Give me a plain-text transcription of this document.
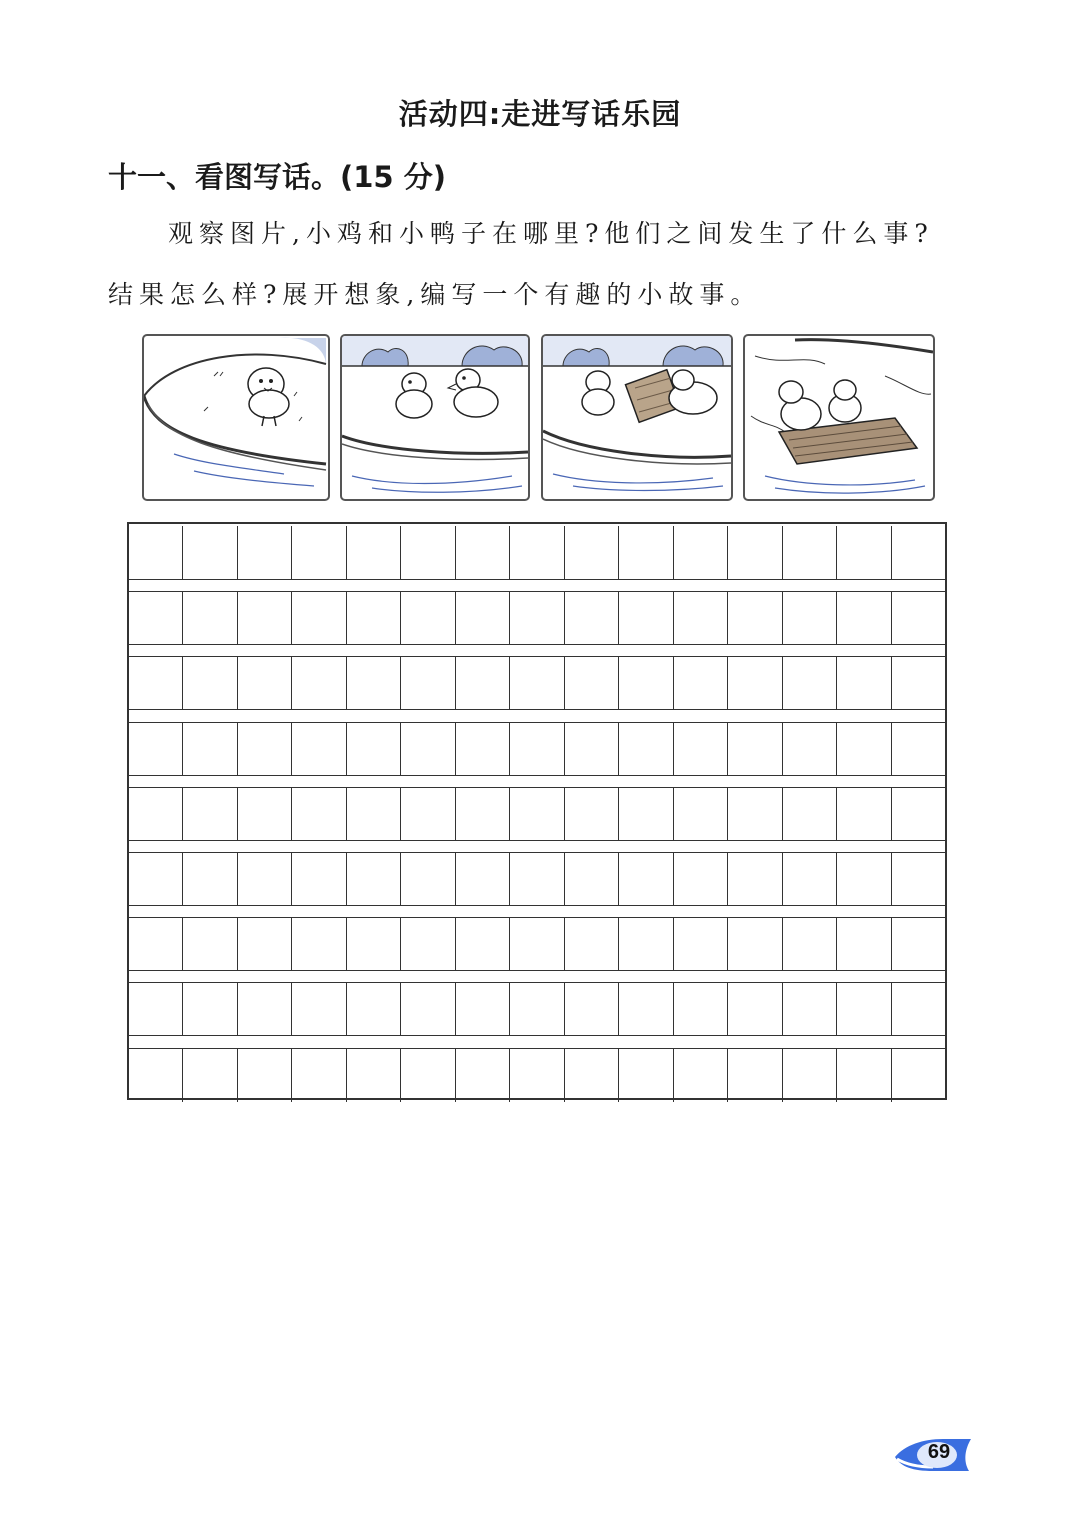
活动四:走进写话乐园
十一、看图写话。(15 分)
观察图片,小鸡和小鸭子在哪里?他们之间发生了什么事?
结果怎么样?展开想象,编写一个有趣的小故事。
69
